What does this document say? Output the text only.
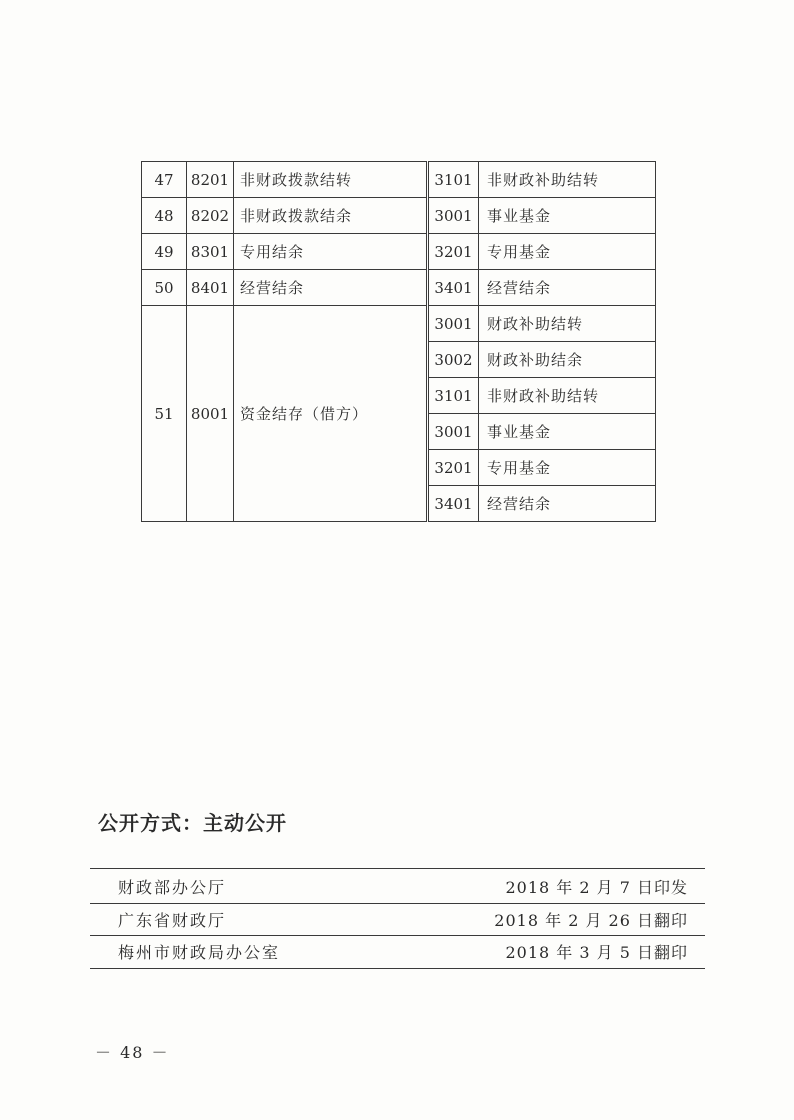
47	8201	非财政拨款结转		3101	非财政补助结转
48	8202	非财政拨款结余		3001	事业基金
49	8301	专用结余		3201	专用基金
50	8401	经营结余		3401	经营结余
51	8001	资金结存（借方）		3001	财政补助结转
				3002	财政补助结余
				3101	非财政补助结转
				3001	事业基金
				3201	专用基金
				3401	经营结余
公开方式：主动公开
财政部办公厅	2018 年 2 月 7 日印发
广东省财政厅	2018 年 2 月 26 日翻印
梅州市财政局办公室	2018 年 3 月 5 日翻印
－ 48 －
